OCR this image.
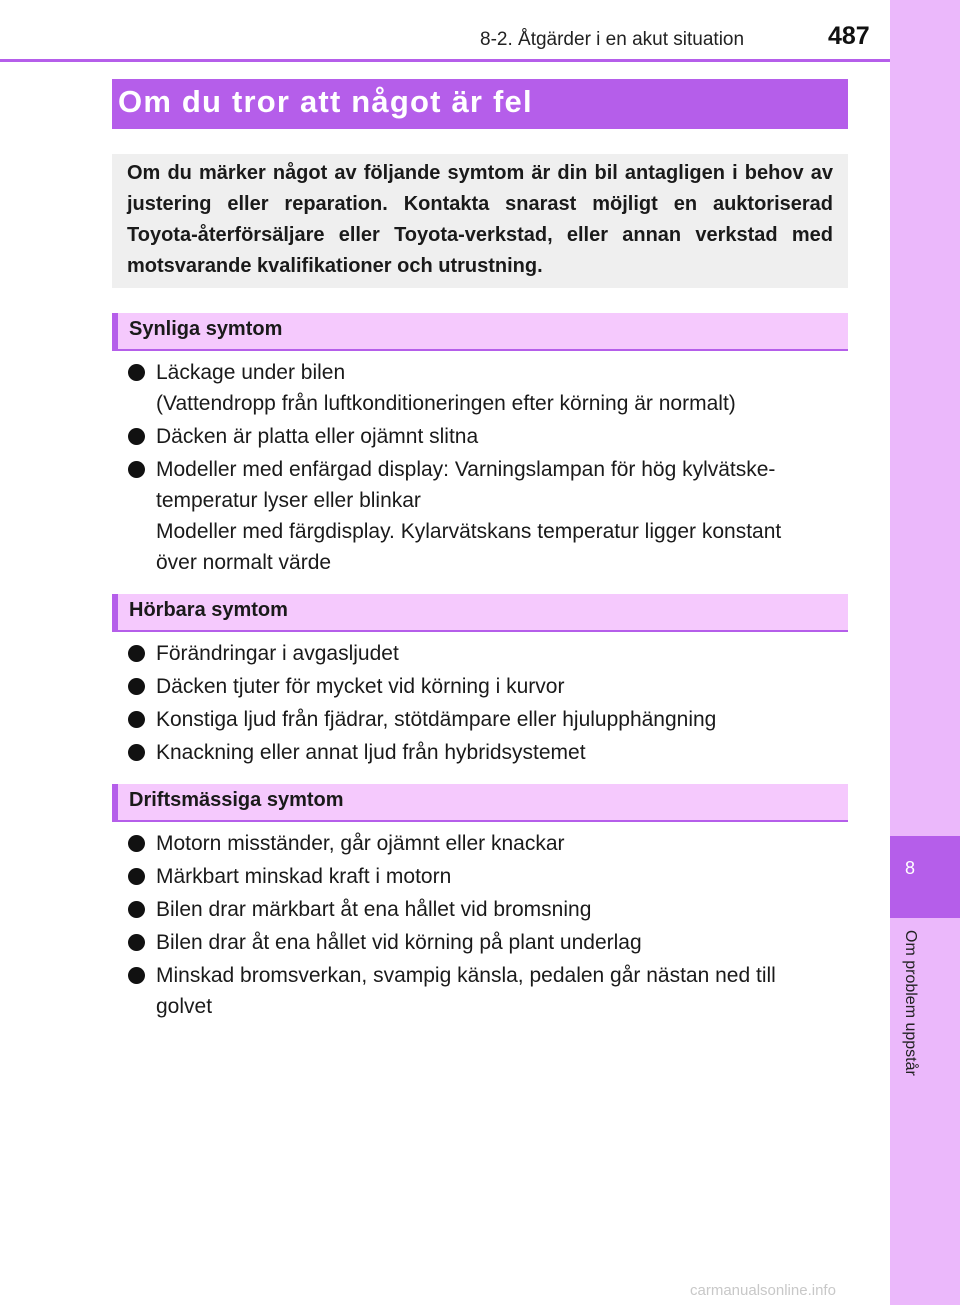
8-2. Åtgärder i en akut situation	487
8
Om problem uppstår
Om du tror att något är fel
Om du märker något av följande symtom är din bil antagligen i behov av justering eller reparation. Kontakta snarast möjligt en auktoriserad Toyota-återförsäljare eller Toyota-verkstad, eller annan verkstad med motsvarande kvalifikationer och utrustning.
Synliga symtom
Läckage under bilen
(Vattendropp från luftkonditioneringen efter körning är normalt)
Däcken är platta eller ojämnt slitna
Modeller med enfärgad display: Varningslampan för hög kylvätske-
temperatur lyser eller blinkar
Modeller med färgdisplay. Kylarvätskans temperatur ligger konstant
över normalt värde
Hörbara symtom
Förändringar i avgasljudet
Däcken tjuter för mycket vid körning i kurvor
Konstiga ljud från fjädrar, stötdämpare eller hjulupphängning
Knackning eller annat ljud från hybridsystemet
Driftsmässiga symtom
Motorn misständer, går ojämnt eller knackar
Märkbart minskad kraft i motorn
Bilen drar märkbart åt ena hållet vid bromsning
Bilen drar åt ena hållet vid körning på plant underlag
Minskad bromsverkan, svampig känsla, pedalen går nästan ned till
golvet
carmanualsonline.info
